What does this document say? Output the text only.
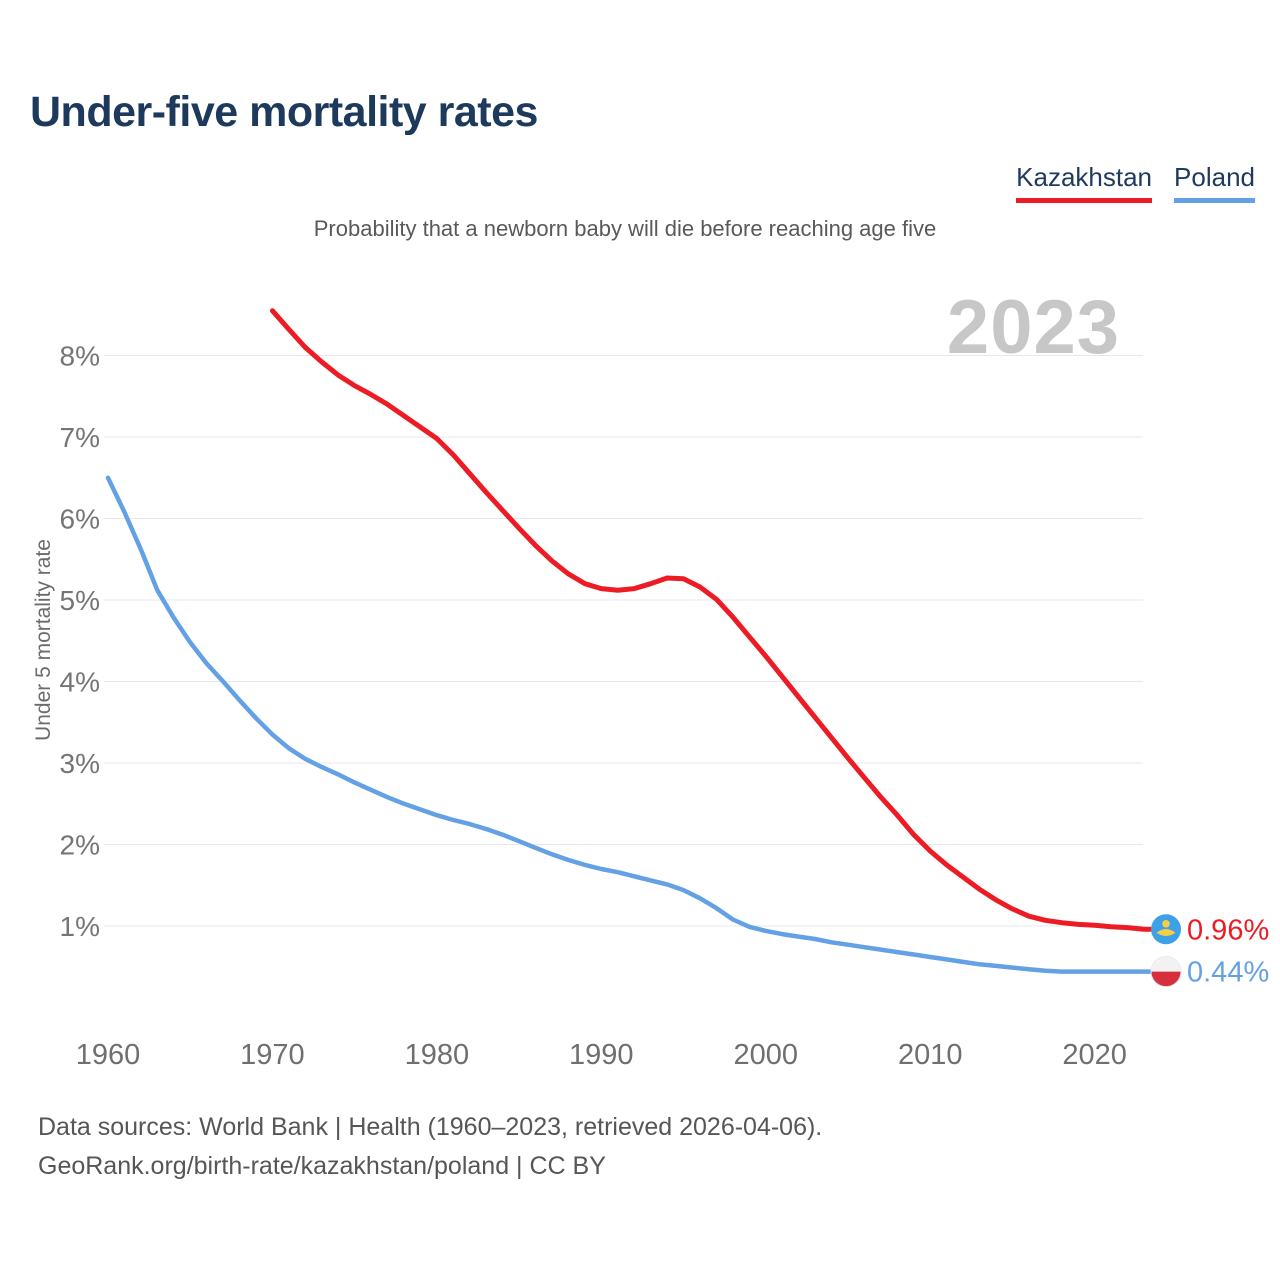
Under-five mortality rates
Kazakhstan Poland
Probability that a newborn baby will die before reaching age five
8%
7%
6%
5%
4%
3%
2%
1%
1960	1970	1980	1990	2000	2010	2020
0.96%
0.44%
2023
Under 5 mortality rate
Data sources: World Bank | Health (1960–2023, retrieved 2026-04-06).
GeoRank.org/birth-rate/kazakhstan/poland | CC BY
